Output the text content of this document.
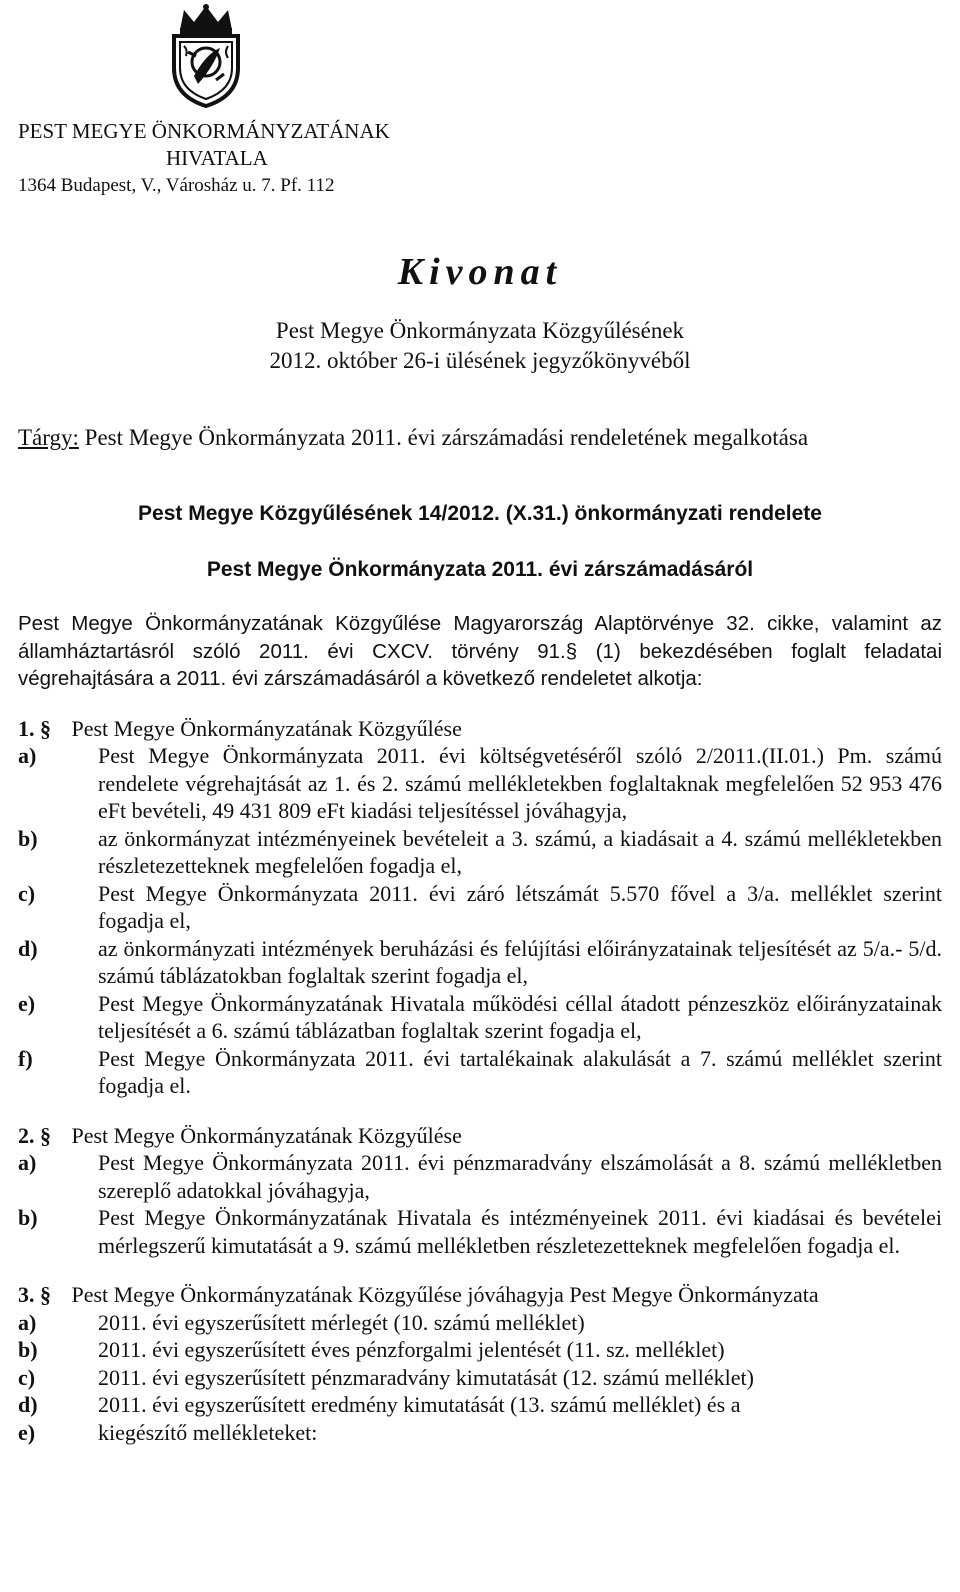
PEST MEGYE ÖNKORMÁNYZATÁNAK
HIVATALA
1364 Budapest, V., Városház u. 7. Pf. 112
Kivonat
Pest Megye Önkormányzata Közgyűlésének
2012. október 26-i ülésének jegyzőkönyvéből
Tárgy: Pest Megye Önkormányzata 2011. évi zárszámadási rendeletének megalkotása
Pest Megye Közgyűlésének 14/2012. (X.31.) önkormányzati rendelete
Pest Megye Önkormányzata 2011. évi zárszámadásáról

Pest Megye Önkormányzatának Közgyűlése Magyarország Alaptörvénye 32. cikke, valamint az államháztartásról szóló 2011. évi CXCV. törvény 91.§ (1) bekezdésében foglalt feladatai végrehajtására a 2011. évi zárszámadásáról a következő rendeletet alkotja:

1. § Pest Megye Önkormányzatának Közgyűlése

a)	Pest Megye Önkormányzata 2011. évi költségvetéséről szóló 2/2011.(II.01.) Pm. számú rendelete végrehajtását az 1. és 2. számú mellékletekben foglaltaknak megfelelően 52 953 476 eFt bevételi, 49 431 809 eFt kiadási teljesítéssel jóváhagyja,

b)	az önkormányzat intézményeinek bevételeit a 3. számú, a kiadásait a 4. számú mellékletekben részletezetteknek megfelelően fogadja el,

c)	Pest Megye Önkormányzata 2011. évi záró létszámát 5.570 fővel a 3/a. melléklet szerint fogadja el,

d)	az önkormányzati intézmények beruházási és felújítási előirányzatainak teljesítését az 5/a.- 5/d. számú táblázatokban foglaltak szerint fogadja el,

e)	Pest Megye Önkormányzatának Hivatala működési céllal átadott pénzeszköz előirányzatainak teljesítését a 6. számú táblázatban foglaltak szerint fogadja el,

f)	Pest Megye Önkormányzata 2011. évi tartalékainak alakulását a 7. számú melléklet szerint fogadja el.

2. § Pest Megye Önkormányzatának Közgyűlése

a)	Pest Megye Önkormányzata 2011. évi pénzmaradvány elszámolását a 8. számú mellékletben szereplő adatokkal jóváhagyja,

b)	Pest Megye Önkormányzatának Hivatala és intézményeinek 2011. évi kiadásai és bevételei mérlegszerű kimutatását a 9. számú mellékletben részletezetteknek megfelelően fogadja el.

3. § Pest Megye Önkormányzatának Közgyűlése jóváhagyja Pest Megye Önkormányzata

a)	2011. évi egyszerűsített mérlegét (10. számú melléklet)

b)	2011. évi egyszerűsített éves pénzforgalmi jelentését (11. sz. melléklet)

c)	2011. évi egyszerűsített pénzmaradvány kimutatását (12. számú melléklet)

d)	2011. évi egyszerűsített eredmény kimutatását (13. számú melléklet) és a

e)	kiegészítő mellékleteket:
